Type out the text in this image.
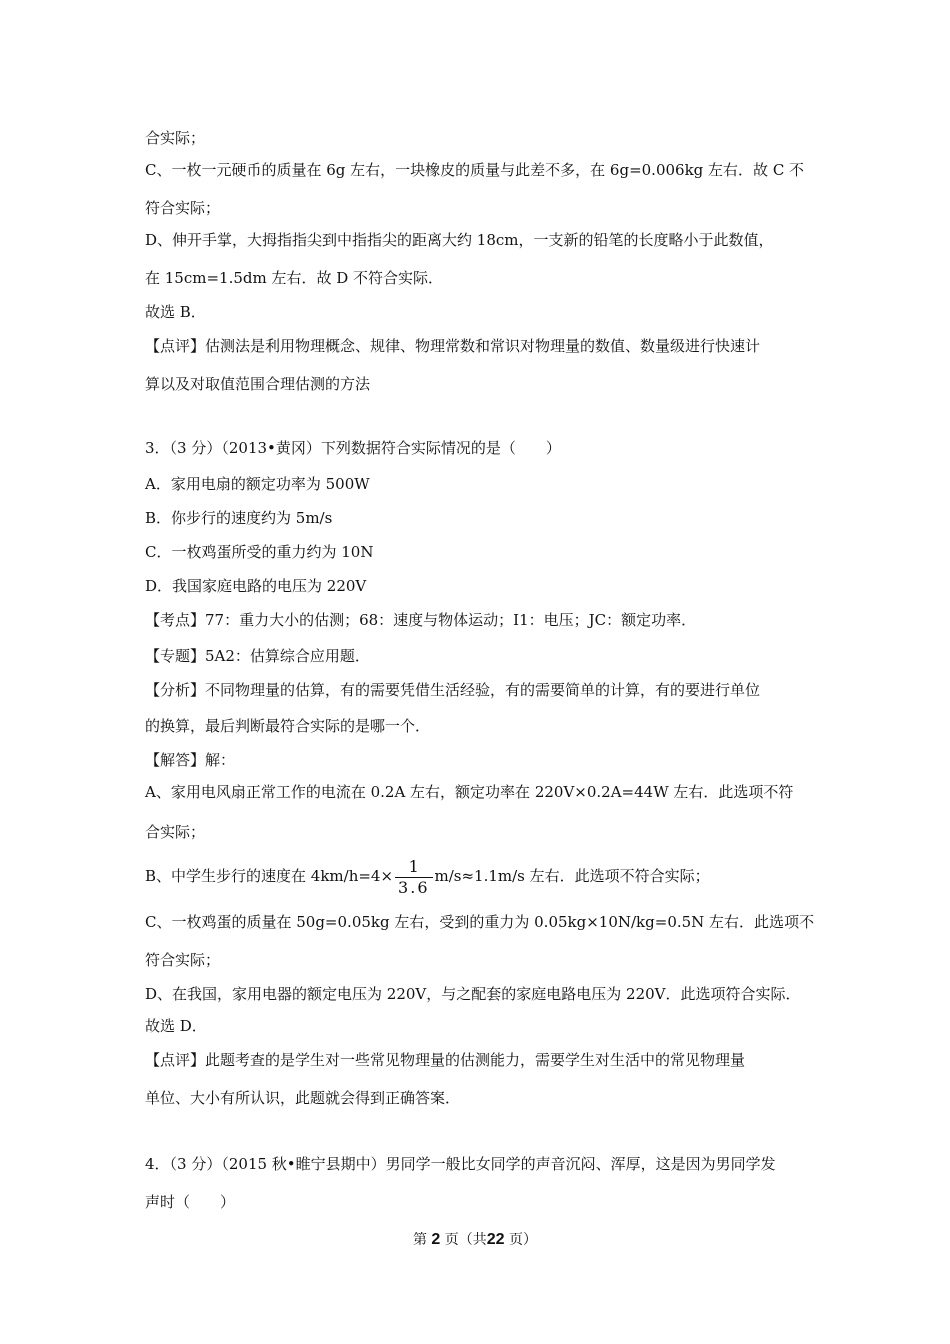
合实际；
C、一枚一元硬币的质量在 6g 左右，一块橡皮的质量与此差不多，在 6g=0.006kg 左右．故 C 不
符合实际；
D、伸开手掌，大拇指指尖到中指指尖的距离大约 18cm，一支新的铅笔的长度略小于此数值，
在 15cm=1.5dm 左右．故 D 不符合实际．
故选 B．
【点评】估测法是利用物理概念、规律、物理常数和常识对物理量的数值、数量级进行快速计
算以及对取值范围合理估测的方法
3．（3 分）（2013•黄冈）下列数据符合实际情况的是（　　）
A．家用电扇的额定功率为 500W
B．你步行的速度约为 5m/s
C．一枚鸡蛋所受的重力约为 10N
D．我国家庭电路的电压为 220V
【考点】77：重力大小的估测；68：速度与物体运动；I1：电压；JC：额定功率．
【专题】5A2：估算综合应用题．
【分析】不同物理量的估算，有的需要凭借生活经验，有的需要简单的计算，有的要进行单位
的换算，最后判断最符合实际的是哪一个．
【解答】解：
A、家用电风扇正常工作的电流在 0.2A 左右，额定功率在 220V×0.2A=44W 左右．此选项不符
合实际；
B、中学生步行的速度在 $4km/h=4\times \frac{1}{3.6} m/s\approx 1.1m/s$ 左右．此选项不符合实际；
C、一枚鸡蛋的质量在 50g=0.05kg 左右，受到的重力为 0.05kg×10N/kg=0.5N 左右．此选项不
符合实际；
D、在我国，家用电器的额定电压为 220V，与之配套的家庭电路电压为 220V．此选项符合实际．
故选 D．
【点评】此题考查的是学生对一些常见物理量的估测能力，需要学生对生活中的常见物理量
单位、大小有所认识，此题就会得到正确答案．
4．（3 分）（2015 秋•睢宁县期中）男同学一般比女同学的声音沉闷、浑厚，这是因为男同学发
声时（　　）
第 2 页（共22 页）
